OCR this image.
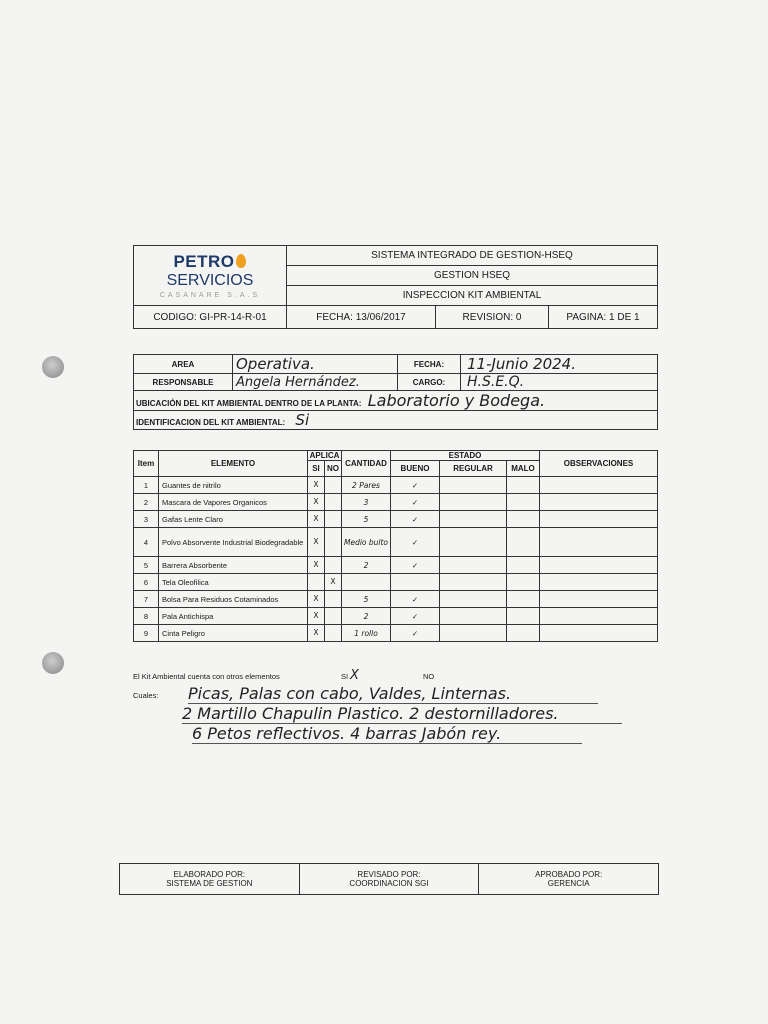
PETROSERVICIOS
CASANARE S.A.S	SISTEMA INTEGRADO DE GESTION-HSEQ		
	GESTION HSEQ		
	INSPECCION KIT AMBIENTAL		
CODIGO: GI-PR-14-R-01	FECHA: 13/06/2017	REVISION: 0	PAGINA: 1 DE 1
AREA	Operativa.	FECHA:	11-Junio 2024.
RESPONSABLE	Angela Hernández.	CARGO:	H.S.E.Q.
UBICACIÓN DEL KIT AMBIENTAL DENTRO DE LA PLANTA: Laboratorio y Bodega.			
IDENTIFICACION DEL KIT AMBIENTAL: Si			
Item	ELEMENTO	APLICA		CANTIDAD	ESTADO			OBSERVACIONES
		SI	NO		BUENO	REGULAR	MALO	
1	Guantes de nitrilo	X		2 Pares	✓			
2	Mascara de Vapores Organicos	X		3	✓			
3	Gafas Lente Claro	X		5	✓			
4	Polvo Absorvente Industrial Biodegradable	X		Medio bulto	✓			
5	Barrera Absorbente	X		2	✓			
6	Tela Oleofilica		X					
7	Bolsa Para Residuos Cotaminados	X		5	✓			
8	Pala Antichispa	X		2	✓			
9	Cinta Peligro	X		1 rollo	✓			
El Kit Ambiental cuenta con otros elementos	SI X	NO
Cuales:	Picas, Palas con cabo, Valdes, Linternas.
2 Martillo Chapulin Plastico. 2 destornilladores.
6 Petos reflectivos. 4 barras Jabón rey.
ELABORADO POR:
SISTEMA DE GESTION

REVISADO POR:
COORDINACION SGI

APROBADO POR:
GERENCIA
